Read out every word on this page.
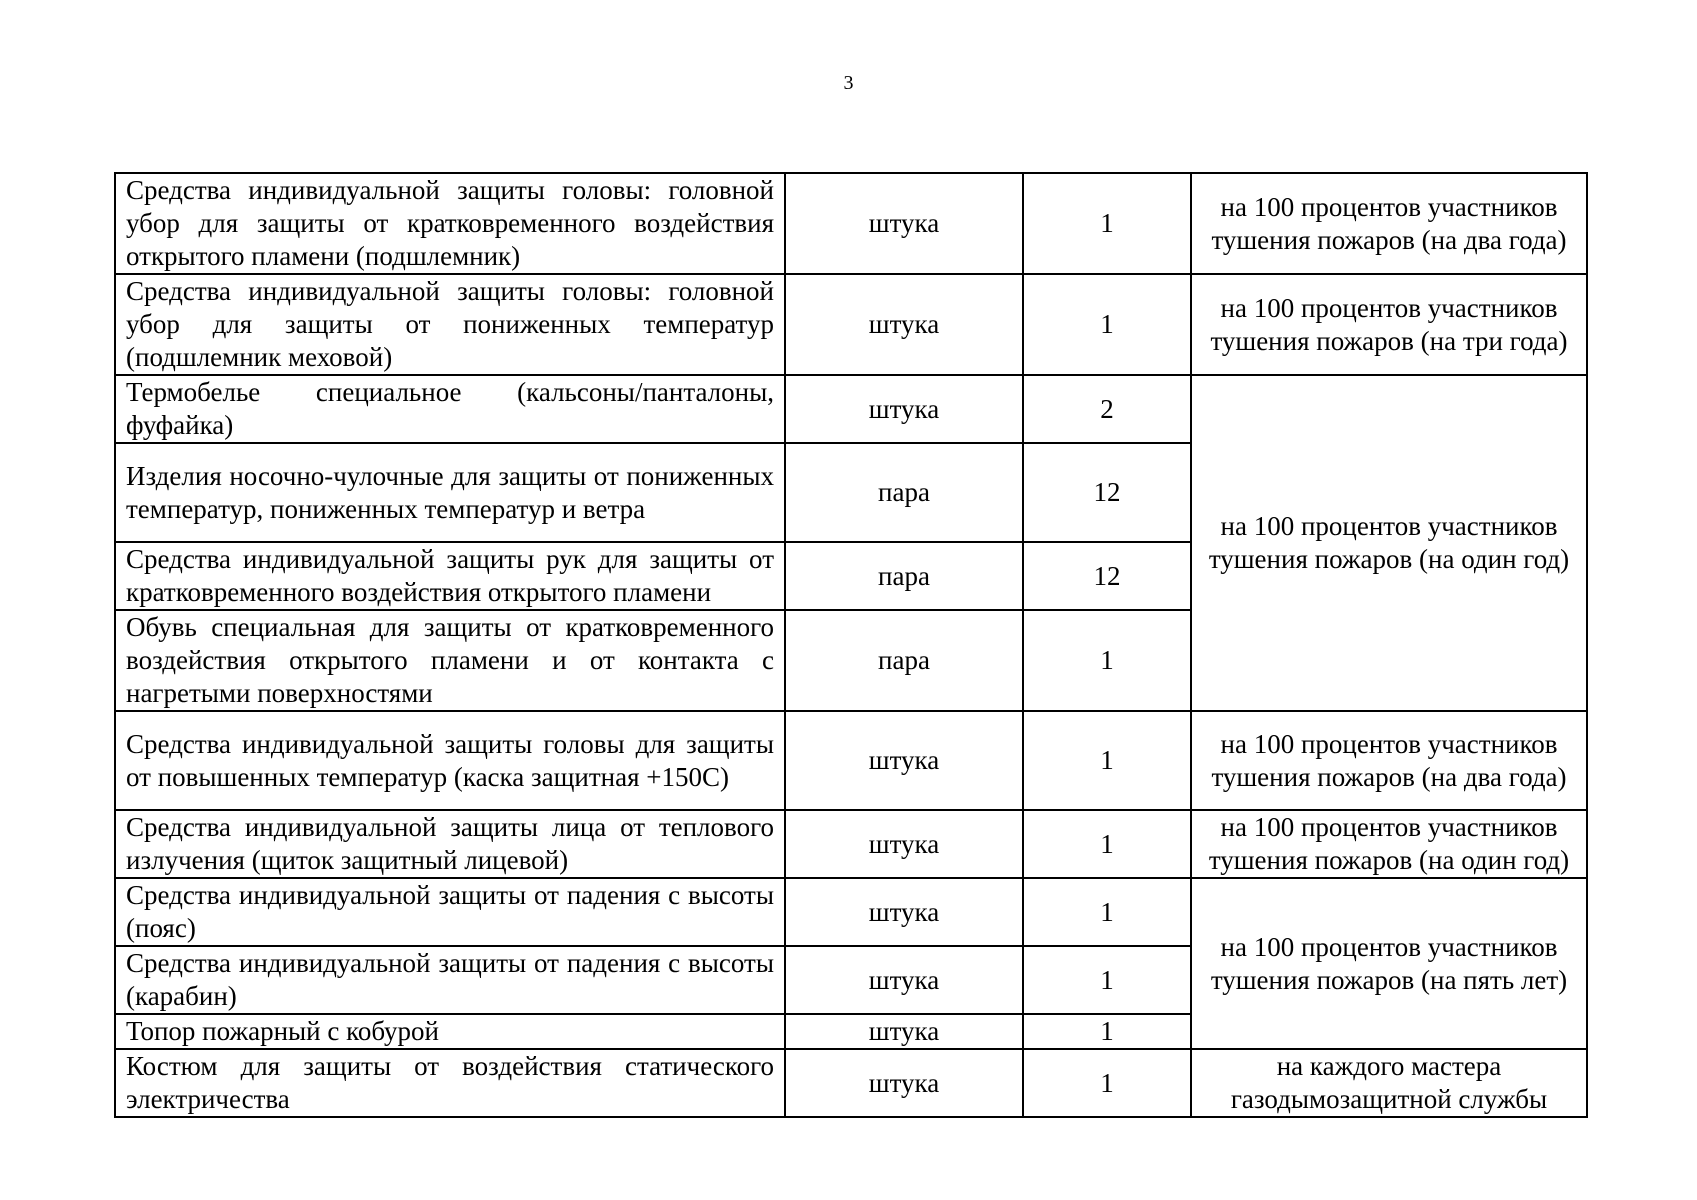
3
Средства индивидуальной защиты головы: головной убор для защиты от кратковременного воздействия открытого пламени (подшлемник)	штука	1	на 100 процентов участников тушения пожаров (на два года)
Средства индивидуальной защиты головы: головной убор для защиты от пониженных температур (подшлемник меховой)	штука	1	на 100 процентов участников тушения пожаров (на три года)
Термобелье специальное (кальсоны/панталоны, фуфайка)	штука	2	на 100 процентов участников тушения пожаров (на один год)
Изделия носочно-чулочные для защиты от пониженных температур, пониженных температур и ветра	пара	12	
Средства индивидуальной защиты рук для защиты от кратковременного воздействия открытого пламени	пара	12	
Обувь специальная для защиты от кратковременного воздействия открытого пламени и от контакта с нагретыми поверхностями	пара	1	
Средства индивидуальной защиты головы для защиты от повышенных температур (каска защитная +150С)	штука	1	на 100 процентов участников тушения пожаров (на два года)
Средства индивидуальной защиты лица от теплового излучения (щиток защитный лицевой)	штука	1	на 100 процентов участников тушения пожаров (на один год)
Средства индивидуальной защиты от падения с высоты (пояс)	штука	1	на 100 процентов участников тушения пожаров (на пять лет)
Средства индивидуальной защиты от падения с высоты (карабин)	штука	1	
Топор пожарный с кобурой	штука	1	
Костюм для защиты от воздействия статического электричества	штука	1	на каждого мастера газодымозащитной службы
